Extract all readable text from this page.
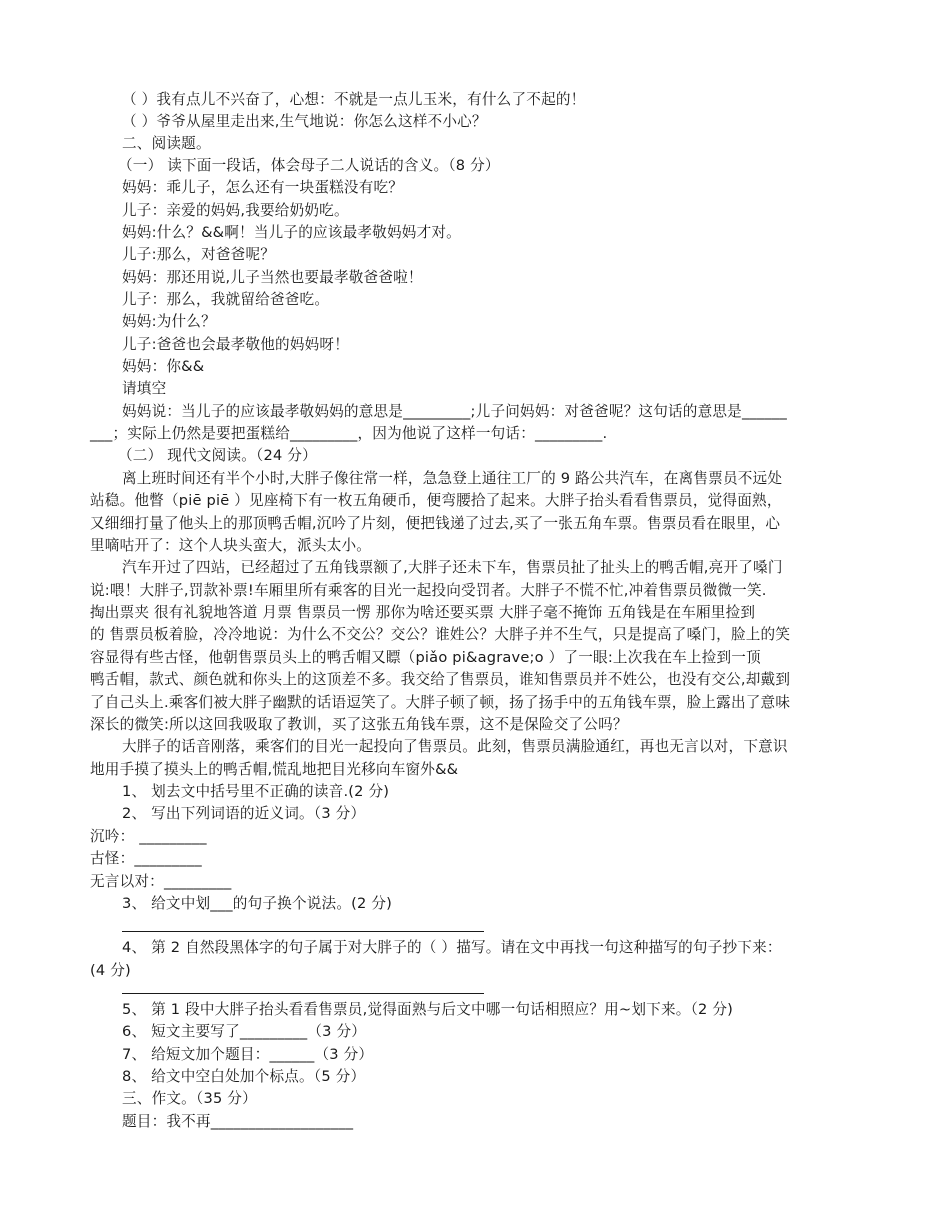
（ ）我有点儿不兴奋了，心想：不就是一点儿玉米，有什么了不起的！
（ ）爷爷从屋里走出来,生气地说：你怎么这样不小心？
二、阅读题。
（一） 读下面一段话，体会母子二人说话的含义。（8 分）
妈妈：乖儿子，怎么还有一块蛋糕没有吃？
儿子：亲爱的妈妈,我要给奶奶吃。
妈妈:什么？&&啊！当儿子的应该最孝敬妈妈才对。
儿子:那么，对爸爸呢？
妈妈：那还用说,儿子当然也要最孝敬爸爸啦！
儿子：那么，我就留给爸爸吃。
妈妈:为什么？
儿子:爸爸也会最孝敬他的妈妈呀！
妈妈：你&&
请填空
妈妈说：当儿子的应该最孝敬妈妈的意思是_________;儿子问妈妈：对爸爸呢？这句话的意思是______
___；实际上仍然是要把蛋糕给_________，因为他说了这样一句话：_________.
（二） 现代文阅读。（24 分）
离上班时间还有半个小时,大胖子像往常一样，急急登上通往工厂的 9 路公共汽车，在离售票员不远处
站稳。他瞥（piē piē ）见座椅下有一枚五角硬币，便弯腰拾了起来。大胖子抬头看看售票员，觉得面熟，
又细细打量了他头上的那顶鸭舌帽,沉吟了片刻，便把钱递了过去,买了一张五角车票。售票员看在眼里，心
里嘀咕开了：这个人块头蛮大，派头太小。
汽车开过了四站，已经超过了五角钱票额了,大胖子还未下车，售票员扯了扯头上的鸭舌帽,亮开了嗓门
说:喂！大胖子,罚款补票!车厢里所有乘客的目光一起投向受罚者。大胖子不慌不忙,冲着售票员微微一笑.
掏出票夹 很有礼貌地答道 月票 售票员一愣 那你为啥还要买票 大胖子毫不掩饰 五角钱是在车厢里捡到
的 售票员板着脸，冷冷地说：为什么不交公？交公？谁姓公？大胖子并不生气，只是提高了嗓门，脸上的笑
容显得有些古怪，他朝售票员头上的鸭舌帽又瞟（piǎo pi&agrave;o ）了一眼:上次我在车上捡到一顶
鸭舌帽，款式、颜色就和你头上的这顶差不多。我交给了售票员，谁知售票员并不姓公，也没有交公,却戴到
了自己头上.乘客们被大胖子幽默的话语逗笑了。大胖子顿了顿，扬了扬手中的五角钱车票，脸上露出了意味
深长的微笑:所以这回我吸取了教训，买了这张五角钱车票，这不是保险交了公吗？
大胖子的话音刚落，乘客们的目光一起投向了售票员。此刻，售票员满脸通红，再也无言以对，下意识
地用手摸了摸头上的鸭舌帽,慌乱地把目光移向车窗外&&
1、 划去文中括号里不正确的读音.(2 分)
2、 写出下列词语的近义词。（3 分）
沉吟： _________
古怪：_________
无言以对：_________
3、 给文中划___的句子换个说法。(2 分)
4、 第 2 自然段黑体字的句子属于对大胖子的（ ）描写。请在文中再找一句这种描写的句子抄下来：
(4 分)
5、 第 1 段中大胖子抬头看看售票员,觉得面熟与后文中哪一句话相照应？用~划下来。（2 分)
6、 短文主要写了_________（3 分）
7、 给短文加个题目：______（3 分）
8、 给文中空白处加个标点。（5 分）
三、作文。（35 分）
题目：我不再___________________
